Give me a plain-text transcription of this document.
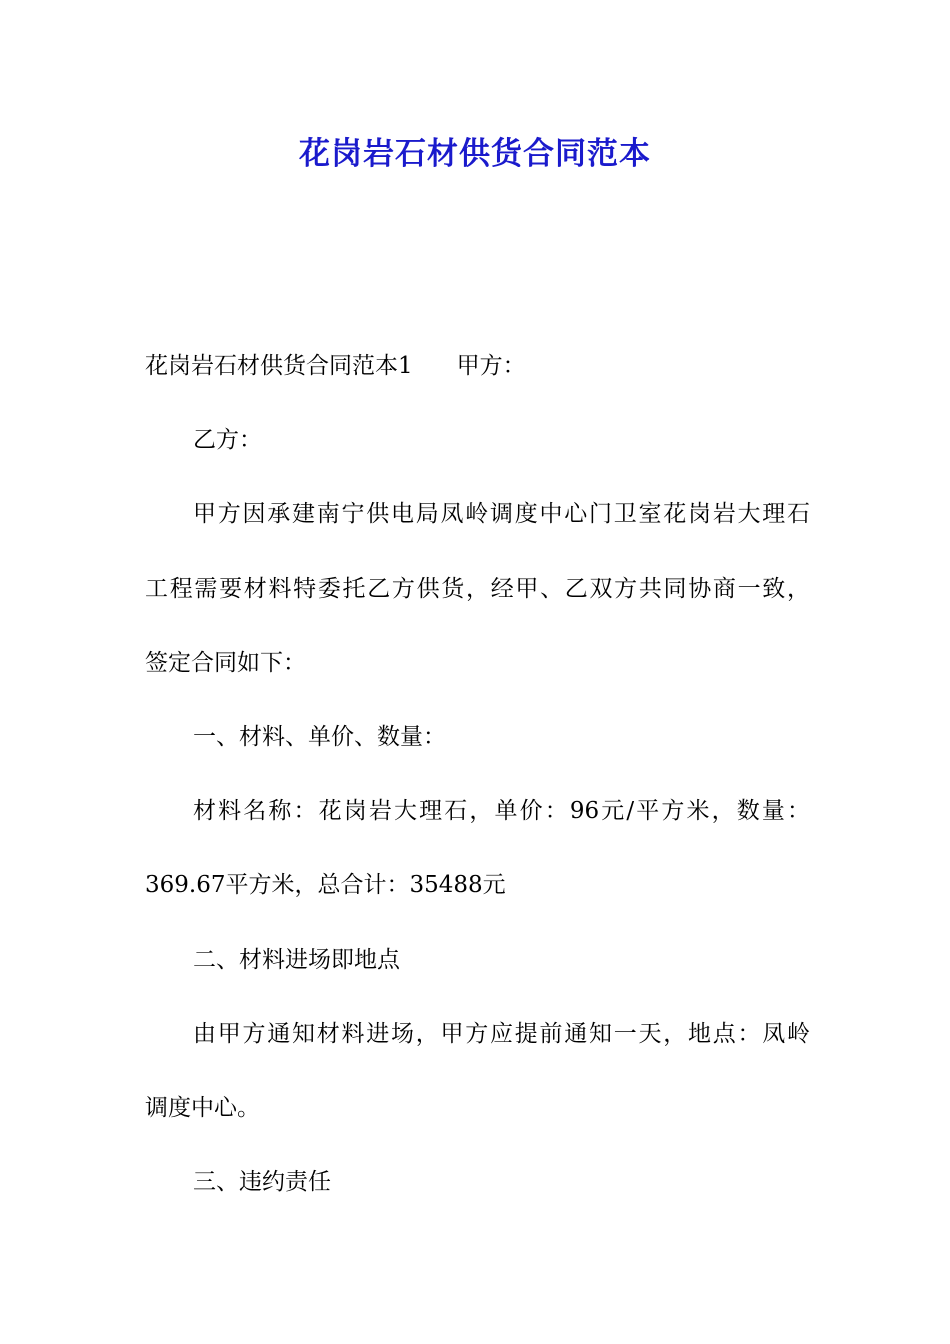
花岗岩石材供货合同范本
花岗岩石材供货合同范本1 甲方：
乙方：
甲方因承建南宁供电局凤岭调度中心门卫室花岗岩大理石
工程需要材料特委托乙方供货，经甲、乙双方共同协商一致，
签定合同如下：
一、材料、单价、数量：
材料名称：花岗岩大理石，单价：96元/平方米，数量：
369.67平方米，总合计：35488元
二、材料进场即地点
由甲方通知材料进场，甲方应提前通知一天，地点：凤岭
调度中心。
三、违约责任
